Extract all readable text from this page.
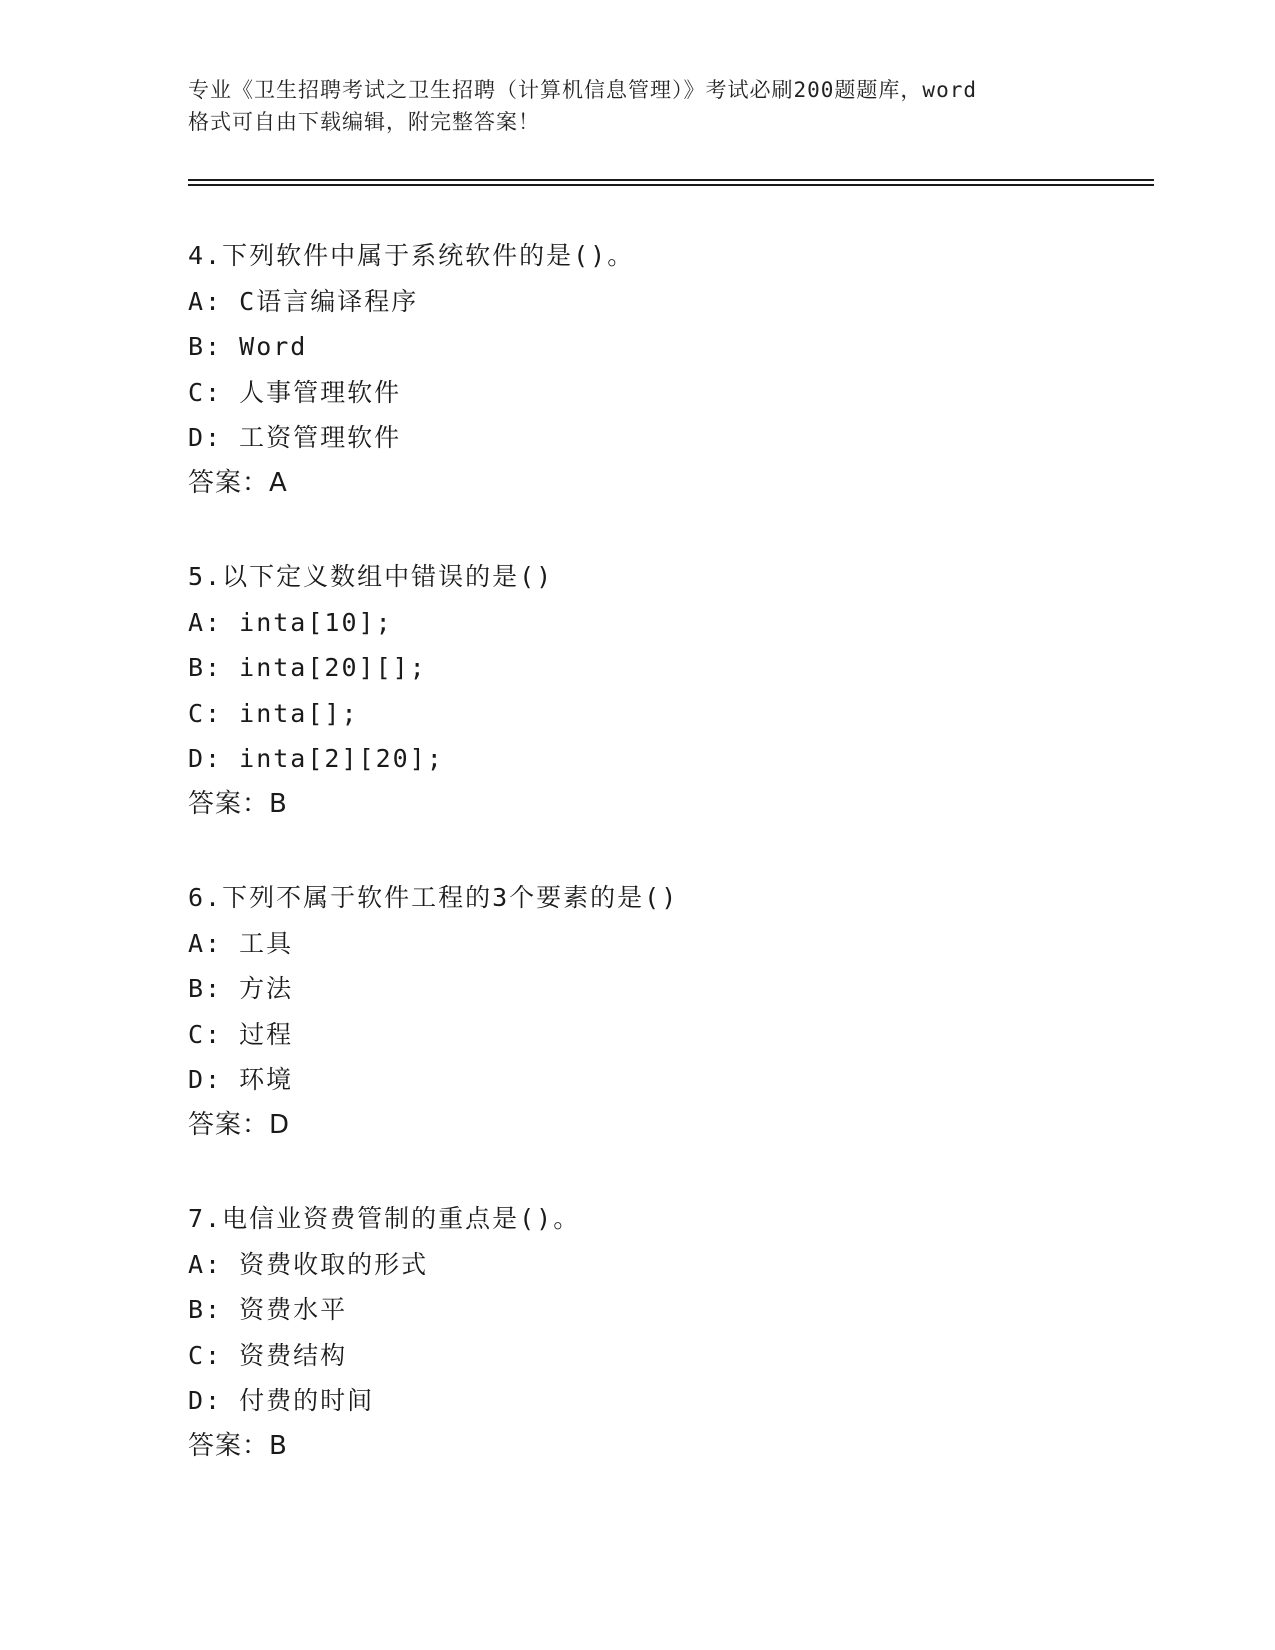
专业《卫生招聘考试之卫生招聘（计算机信息管理）》考试必刷200题题库，word
格式可自由下载编辑，附完整答案！
4.下列软件中属于系统软件的是()。
A: C语言编译程序
B: Word
C: 人事管理软件
D: 工资管理软件
答案：A
5.以下定义数组中错误的是()
A: inta[10];
B: inta[20][];
C: inta[];
D: inta[2][20];
答案：B
6.下列不属于软件工程的3个要素的是()
A: 工具
B: 方法
C: 过程
D: 环境
答案：D
7.电信业资费管制的重点是()。
A: 资费收取的形式
B: 资费水平
C: 资费结构
D: 付费的时间
答案：B
